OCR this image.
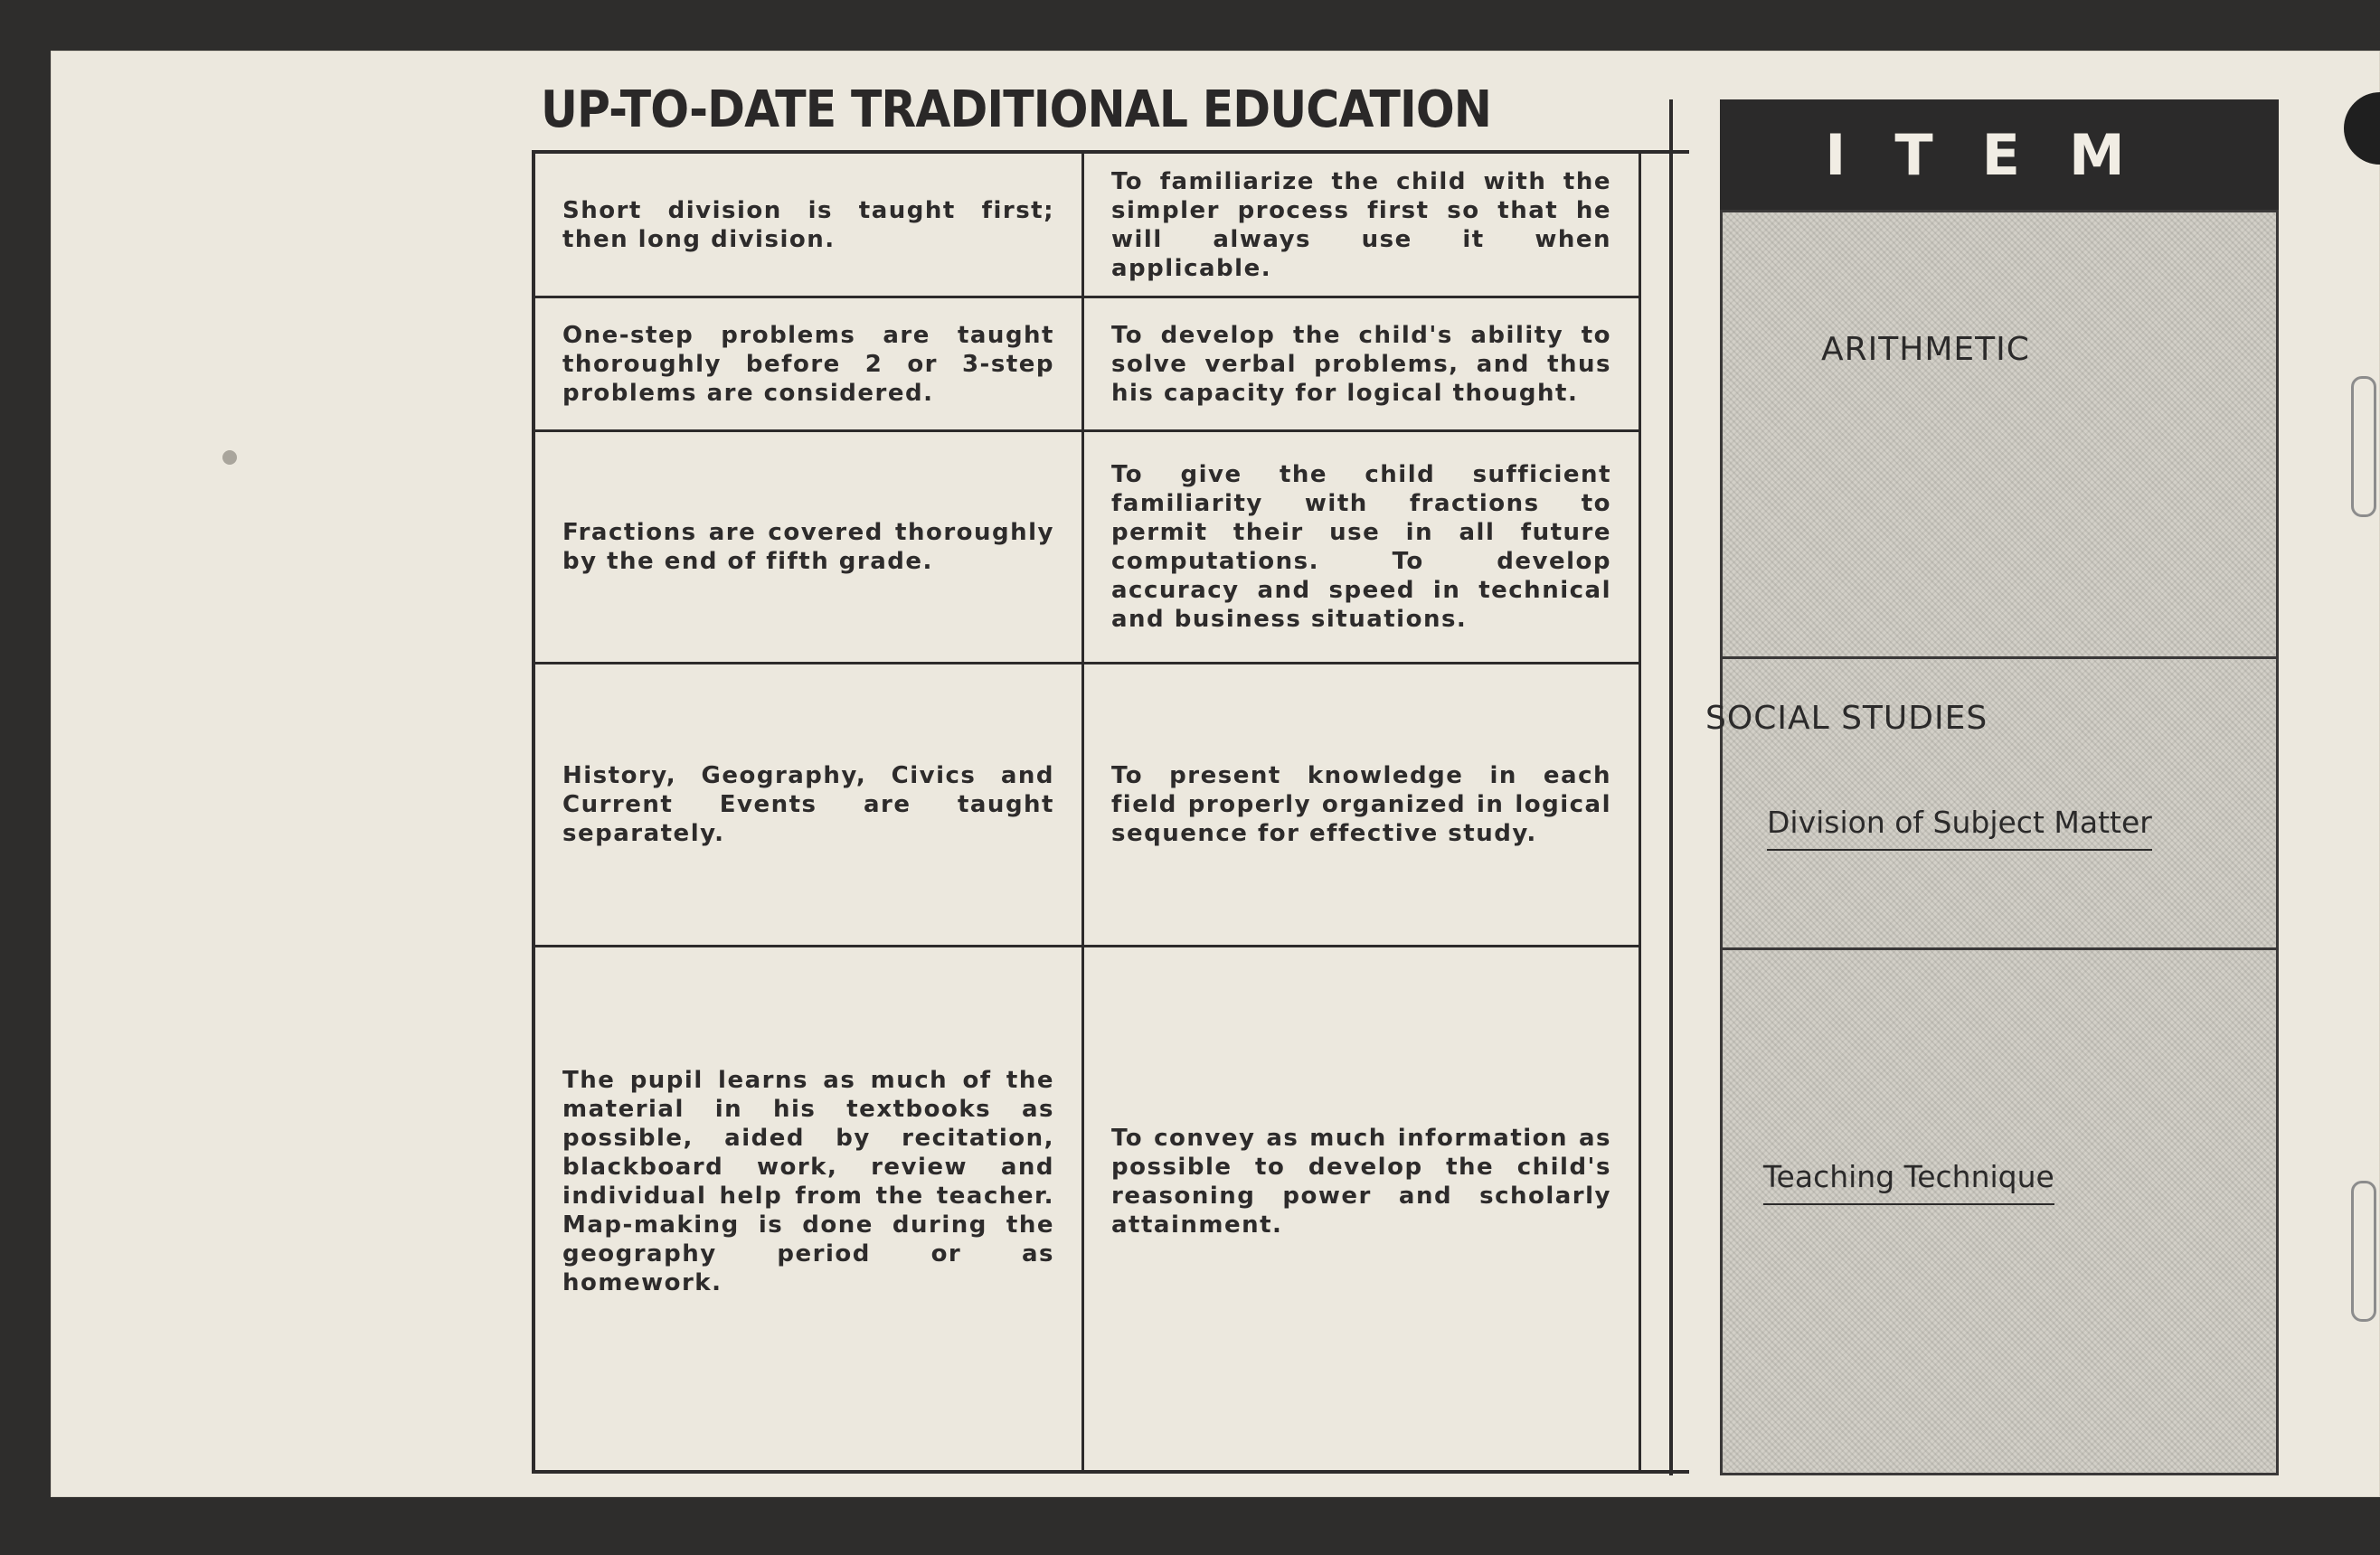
UP-TO-DATE TRADITIONAL EDUCATION
Short division is taught first; then long division.
To familiarize the child with the simpler process first so that he will always use it when applicable.
One-step problems are taught thoroughly before 2 or 3-step problems are considered.
To develop the child's ability to solve verbal problems, and thus his capacity for logical thought.
Fractions are covered thoroughly by the end of fifth grade.
To give the child sufficient familiarity with fractions to permit their use in all future computations. To develop accuracy and speed in technical and business situations.
History, Geography, Civics and Current Events are taught separately.
To present knowledge in each field properly organized in logical sequence for effective study.
The pupil learns as much of the material in his textbooks as possible, aided by recitation, blackboard work, review and individual help from the teacher. Map-making is done during the geography period or as homework.
To convey as much information as possible to develop the child's reasoning power and scholarly attainment.
ITEM
ARITHMETIC
SOCIAL STUDIES
Division of Subject Matter
Teaching Technique
